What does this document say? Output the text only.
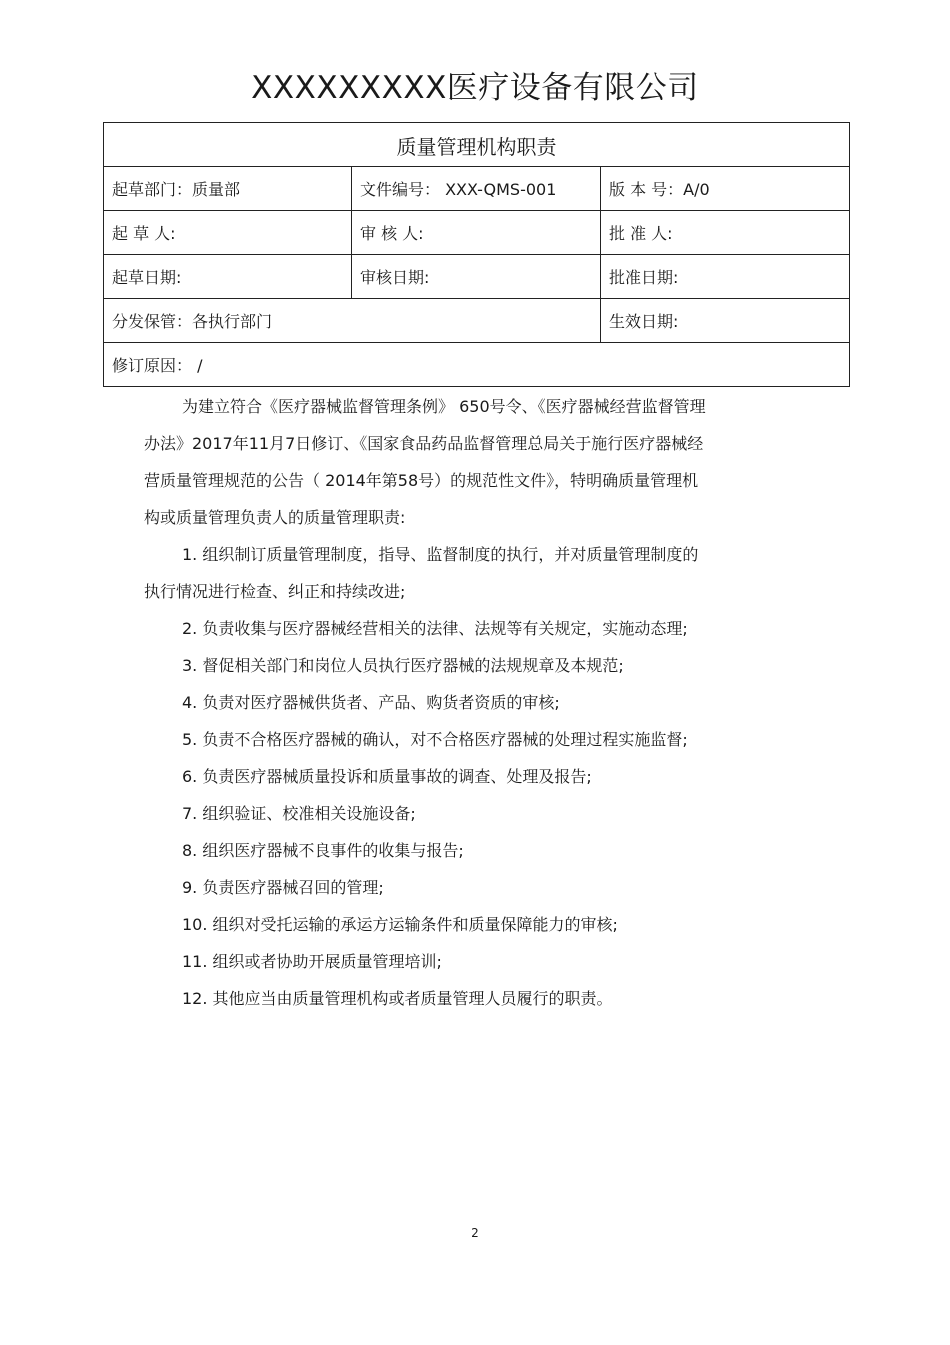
XXXXXXXXX医疗设备有限公司
质量管理机构职责		

起草部门：质量部	文件编号： XXX-QMS-001	版 本 号：A/0

起 草 人:	审 核 人:	批 准 人:

起草日期:	审核日期:	批准日期:

分发保管：各执行部门		生效日期:

修订原因： /		
为建立符合《医疗器械监督管理条例》 650号令、《医疗器械经营监督管理
办法》2017年11月7日修订、《国家食品药品监督管理总局关于施行医疗器械经
营质量管理规范的公告（ 2014年第58号）的规范性文件》，特明确质量管理机
构或质量管理负责人的质量管理职责:
1. 组织制订质量管理制度，指导、监督制度的执行，并对质量管理制度的
执行情况进行检查、纠正和持续改进;
2. 负责收集与医疗器械经营相关的法律、法规等有关规定，实施动态理;
3. 督促相关部门和岗位人员执行医疗器械的法规规章及本规范;
4. 负责对医疗器械供货者、产品、购货者资质的审核;
5. 负责不合格医疗器械的确认，对不合格医疗器械的处理过程实施监督;
6. 负责医疗器械质量投诉和质量事故的调查、处理及报告;
7. 组织验证、校准相关设施设备;
8. 组织医疗器械不良事件的收集与报告;
9. 负责医疗器械召回的管理;
10. 组织对受托运输的承运方运输条件和质量保障能力的审核;
11. 组织或者协助开展质量管理培训;
12. 其他应当由质量管理机构或者质量管理人员履行的职责。
2
